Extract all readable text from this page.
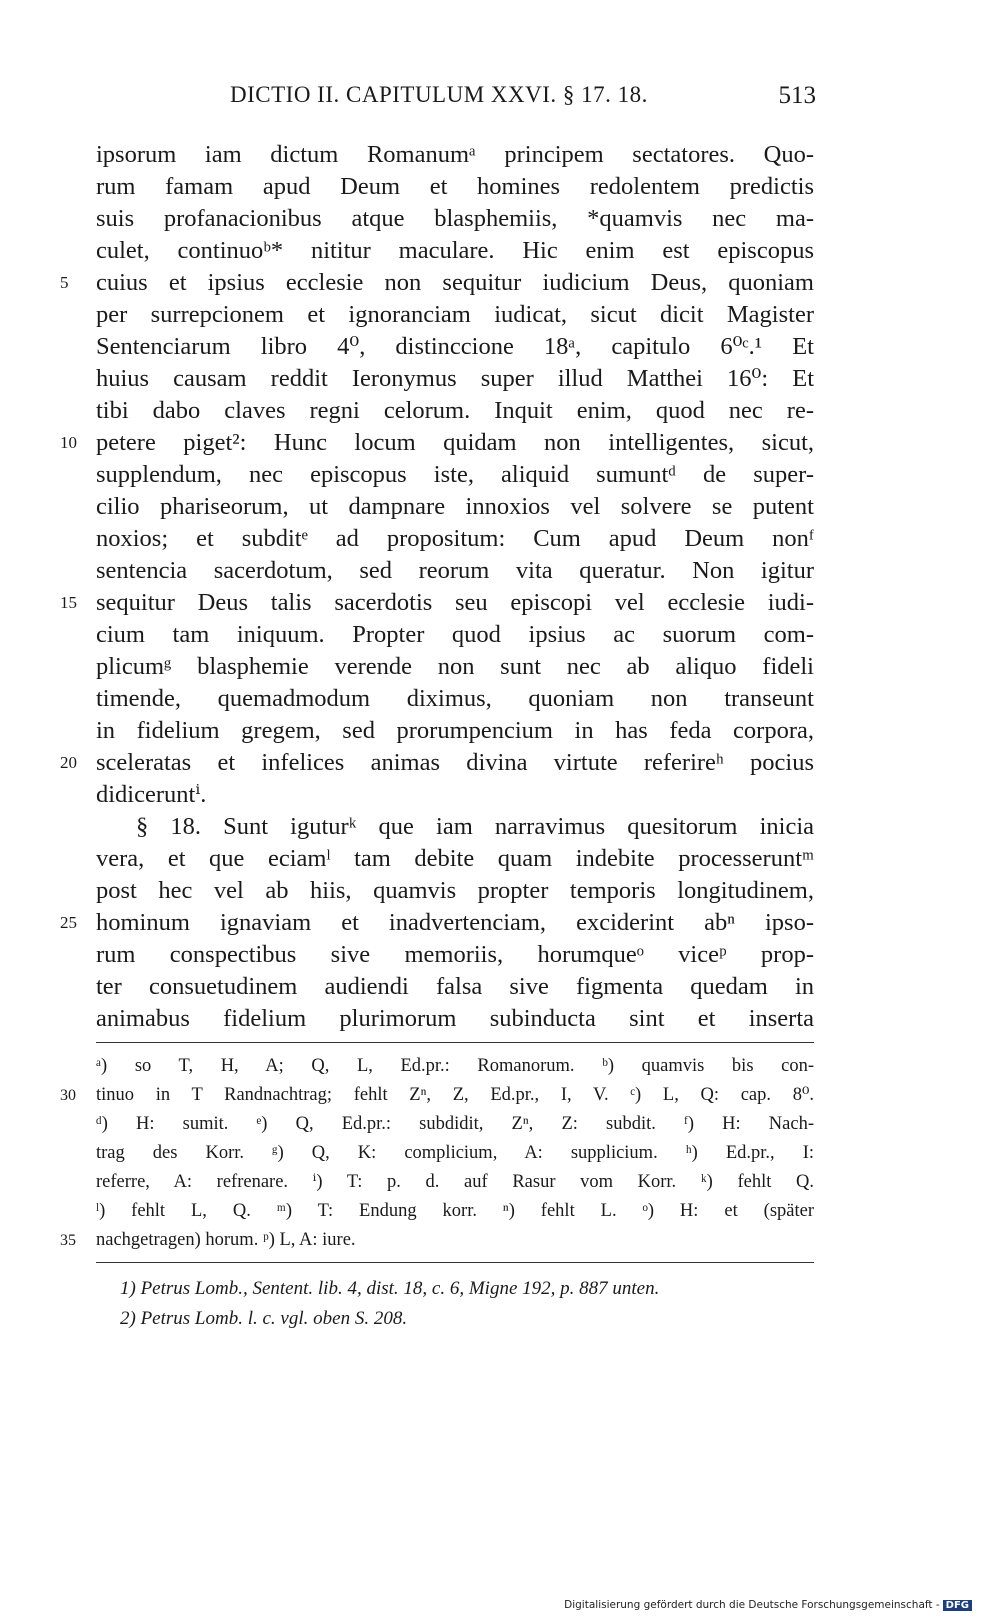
DICTIO II. CAPITULUM XXVI. § 17. 18.	513
ipsorum iam dictum Romanumᵃ principem sectatores. Quo-
rum famam apud Deum et homines redolentem predictis
suis profanacionibus atque blasphemiis, *quamvis nec ma-
culet, continuoᵇ* nititur maculare. Hic enim est episcopus
cuius et ipsius ecclesie non sequitur iudicium Deus, quoniam
per surrepcionem et ignoranciam iudicat, sicut dicit Magister
Sentenciarum libro 4⁰, distinccione 18ᵃ, capitulo 6⁰ᶜ.¹ Et
huius causam reddit Ieronymus super illud Matthei 16⁰: Et
tibi dabo claves regni celorum. Inquit enim, quod nec re-
petere piget²: Hunc locum quidam non intelligentes, sicut,
supplendum, nec episcopus iste, aliquid sumuntᵈ de super-
cilio phariseorum, ut dampnare innoxios vel solvere se putent
noxios; et subditᵉ ad propositum: Cum apud Deum nonᶠ
sentencia sacerdotum, sed reorum vita queratur. Non igitur
sequitur Deus talis sacerdotis seu episcopi vel ecclesie iudi-
cium tam iniquum. Propter quod ipsius ac suorum com-
plicumᵍ blasphemie verende non sunt nec ab aliquo fideli
timende, quemadmodum diximus, quoniam non transeunt
in fidelium gregem, sed prorumpencium in has feda corpora,
sceleratas et infelices animas divina virtute referireʰ pocius
didiceruntⁱ.
§ 18. Sunt iguturᵏ que iam narravimus quesitorum inicia
vera, et que eciamˡ tam debite quam indebite processeruntᵐ
post hec vel ab hiis, quamvis propter temporis longitudinem,
hominum ignaviam et inadvertenciam, exciderint abⁿ ipso-
rum conspectibus sive memoriis, horumqueᵒ viceᵖ prop-
ter consuetudinem audiendi falsa sive figmenta quedam in
animabus fidelium plurimorum subinducta sint et inserta
5
10
15
20
25
ᵃ) so T, H, A; Q, L, Ed.pr.: Romanorum. ᵇ) quamvis bis con-
tinuo in T Randnachtrag; fehlt Zⁿ, Z, Ed.pr., I, V. ᶜ) L, Q: cap. 8⁰.
ᵈ) H: sumit. ᵉ) Q, Ed.pr.: subdidit, Zⁿ, Z: subdit. ᶠ) H: Nach-
trag des Korr. ᵍ) Q, K: complicium, A: supplicium. ʰ) Ed.pr., I:
referre, A: refrenare. ⁱ) T: p. d. auf Rasur vom Korr. ᵏ) fehlt Q.
ˡ) fehlt L, Q. ᵐ) T: Endung korr. ⁿ) fehlt L. ᵒ) H: et (später
nachgetragen) horum. ᵖ) L, A: iure.
30
35
1) Petrus Lomb., Sentent. lib. 4, dist. 18, c. 6, Migne 192, p. 887 unten.
2) Petrus Lomb. l. c. vgl. oben S. 208.
Digitalisierung gefördert durch die Deutsche Forschungsgemeinschaft - DFG
